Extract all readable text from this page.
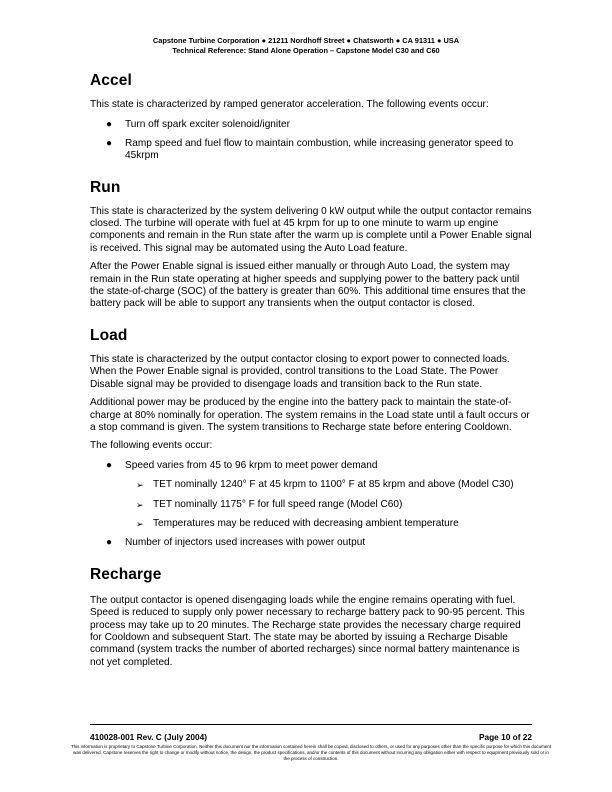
Capstone Turbine Corporation ● 21211 Nordhoff Street ● Chatsworth ● CA 91311 ● USA
Technical Reference: Stand Alone Operation – Capstone Model C30 and C60
Accel

This state is characterized by ramped generator acceleration. The following events occur:

● Turn off spark exciter solenoid/igniter
● Ramp speed and fuel flow to maintain combustion, while increasing generator speed to 45krpm
Run

This state is characterized by the system delivering 0 kW output while the output contactor remains closed. The turbine will operate with fuel at 45 krpm for up to one minute to warm up engine components and remain in the Run state after the warm up is complete until a Power Enable signal is received. This signal may be automated using the Auto Load feature.

After the Power Enable signal is issued either manually or through Auto Load, the system may remain in the Run state operating at higher speeds and supplying power to the battery pack until the state-of-charge (SOC) of the battery is greater than 60%. This additional time ensures that the battery pack will be able to support any transients when the output contactor is closed.

Load

This state is characterized by the output contactor closing to export power to connected loads. When the Power Enable signal is provided, control transitions to the Load State. The Power Disable signal may be provided to disengage loads and transition back to the Run state.

Additional power may be produced by the engine into the battery pack to maintain the state-of-charge at 80% nominally for operation. The system remains in the Load state until a fault occurs or a stop command is given. The system transitions to Recharge state before entering Cooldown.

The following events occur:

● Speed varies from 45 to 96 krpm to meet power demand
➢ TET nominally 1240° F at 45 krpm to 1100° F at 85 krpm and above (Model C30)
➢ TET nominally 1175° F for full speed range (Model C60)
➢ Temperatures may be reduced with decreasing ambient temperature
● Number of injectors used increases with power output
Recharge

The output contactor is opened disengaging loads while the engine remains operating with fuel. Speed is reduced to supply only power necessary to recharge battery pack to 90-95 percent. This process may take up to 20 minutes. The Recharge state provides the necessary charge required for Cooldown and subsequent Start. The state may be aborted by issuing a Recharge Disable command (system tracks the number of aborted recharges) since normal battery maintenance is not yet completed.

410028-001 Rev. C (July 2004)	Page 10 of 22
This information is proprietary to Capstone Turbine Corporation. Neither this document nor the information contained herein shall be copied, disclosed to others, or used for any purposes other than the specific purpose for which this document was delivered. Capstone reserves the right to change or modify without notice, the design, the product specifications, and/or the contents of this document without incurring any obligation either with respect to equipment previously sold or in the process of construction.
